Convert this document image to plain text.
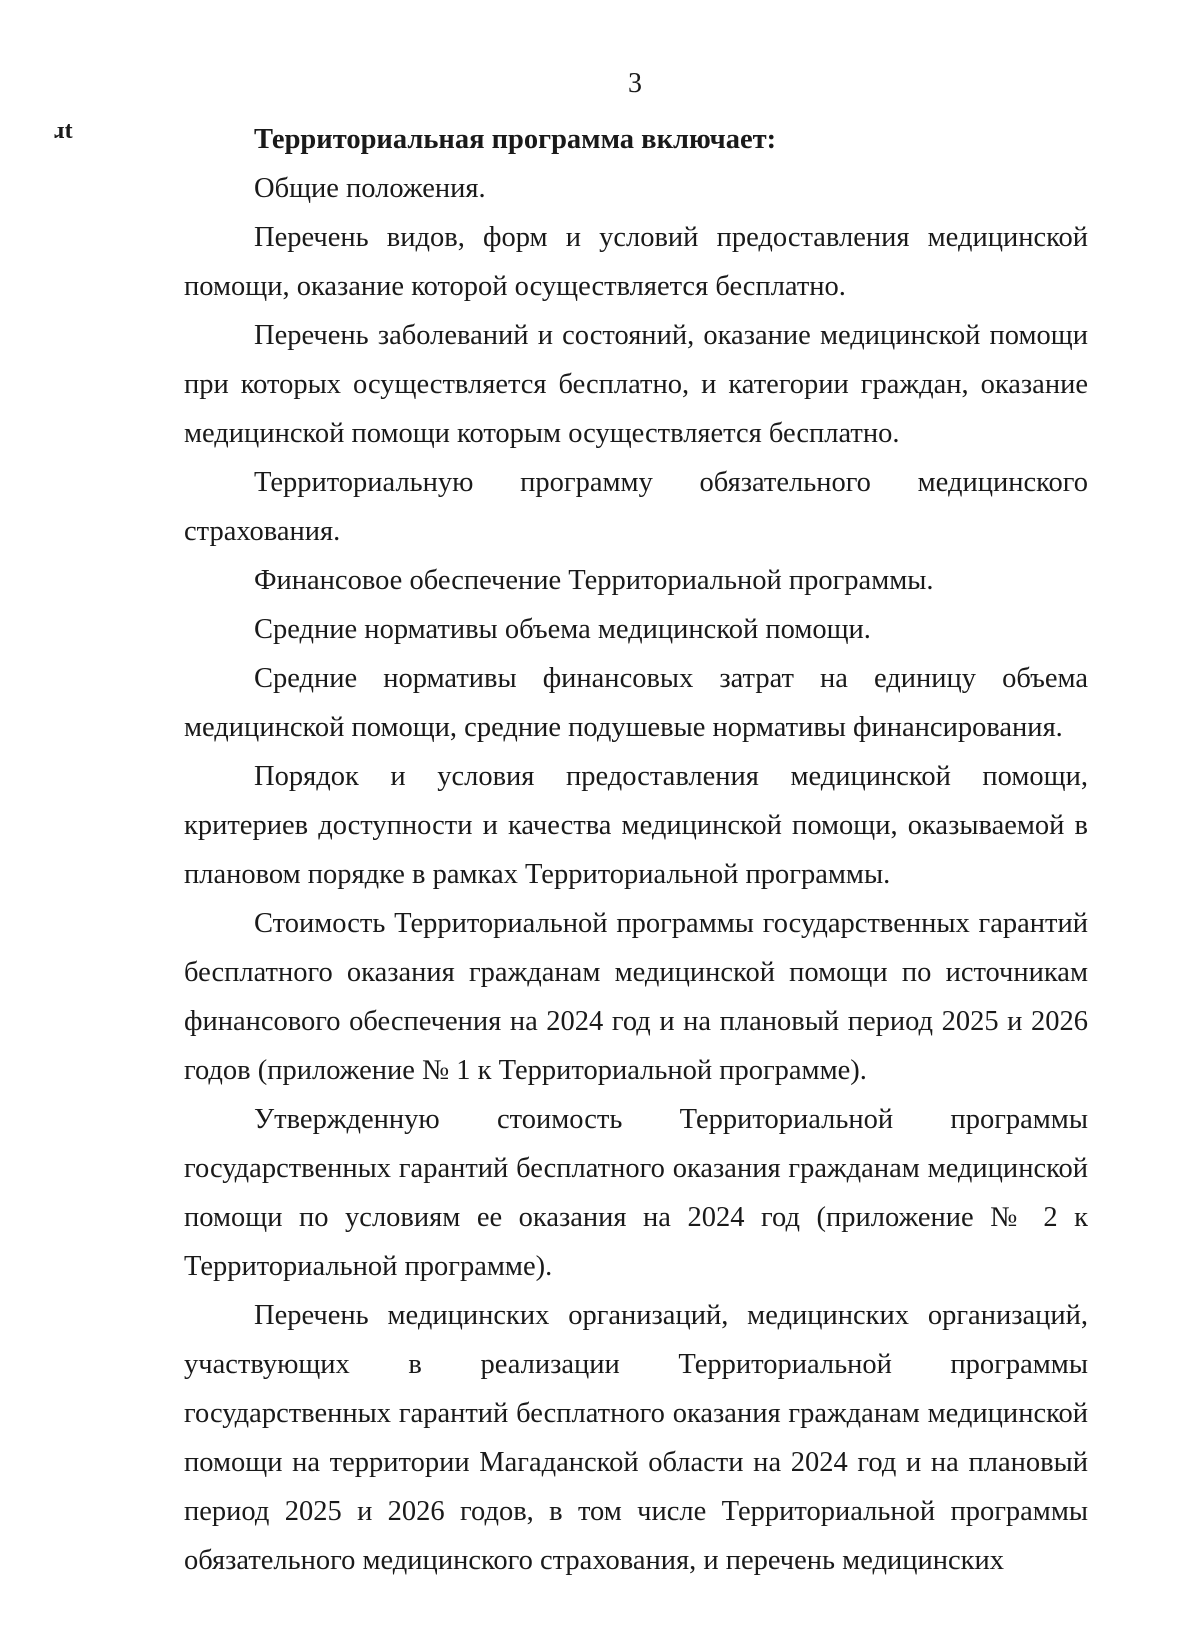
3
ɹt	Территориальная программа включает:

Общие положения.

Перечень видов, форм и условий предоставления медицинской помощи, оказание которой осуществляется бесплатно.

Перечень заболеваний и состояний, оказание медицинской помощи при которых осуществляется бесплатно, и категории граждан, оказание медицинской помощи которым осуществляется бесплатно.

Территориальную программу обязательного медицинского страхования.

Финансовое обеспечение Территориальной программы.

Средние нормативы объема медицинской помощи.

Средние нормативы финансовых затрат на единицу объема медицинской помощи, средние подушевые нормативы финансирования.

Порядок и условия предоставления медицинской помощи, критериев доступности и качества медицинской помощи, оказываемой в плановом порядке в рамках Территориальной программы.

Стоимость Территориальной программы государственных гарантий бесплатного оказания гражданам медицинской помощи по источникам финансового обеспечения на 2024 год и на плановый период 2025 и 2026 годов (приложение № 1 к Территориальной программе).

Утвержденную стоимость Территориальной программы государственных гарантий бесплатного оказания гражданам медицинской помощи по условиям ее оказания на 2024 год (приложение № 2 к Территориальной программе).

Перечень медицинских организаций, медицинских организаций, участвующих в реализации Территориальной программы государственных гарантий бесплатного оказания гражданам медицинской помощи на территории Магаданской области на 2024 год и на плановый период 2025 и 2026 годов, в том числе Территориальной программы обязательного медицинского страхования, и перечень медицинских
